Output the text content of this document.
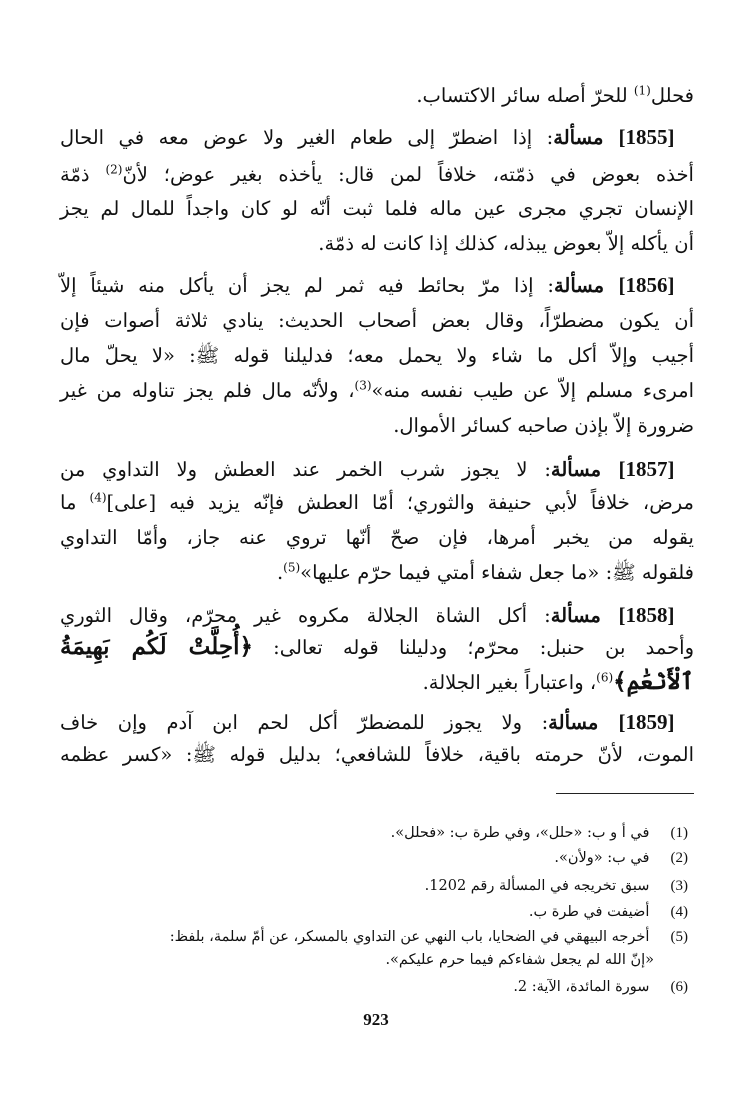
فحلل$^{(1)}$ للحرّ أصله سائر الاكتساب.
 [1855] مسألة: إذا اضطرّ إلى طعام الغير ولا عوض معه في الحال
أخذه بعوض في ذمّته، خلافاً لمن قال: يأخذه بغير عوض؛ لأنّ$^{(2)}$ ذمّة
الإنسان تجري مجرى عين ماله فلما ثبت أنّه لو كان واجداً للمال لم يجز
أن يأكله إلاّ بعوض يبذله، كذلك إذا كانت له ذمّة.
 [1856] مسألة: إذا مرّ بحائط فيه ثمر لم يجز أن يأكل منه شيئاً إلاّ
أن يكون مضطرّاً، وقال بعض أصحاب الحديث: ينادي ثلاثة أصوات فإن
أجيب وإلاّ أكل ما شاء ولا يحمل معه؛ فدليلنا قوله ﷺ: «لا يحلّ مال
امرىء مسلم إلاّ عن طيب نفسه منه»$^{(3)}$، ولأنّه مال فلم يجز تناوله من غير
ضرورة إلاّ بإذن صاحبه كسائر الأموال.
 [1857] مسألة: لا يجوز شرب الخمر عند العطش ولا التداوي من
مرض، خلافاً لأبي حنيفة والثوري؛ أمّا العطش فإنّه يزيد فيه [على]$^{(4)}$ ما
يقوله من يخبر أمرها، فإن صحّ أنّها تروي عنه جاز، وأمّا التداوي
فلقوله ﷺ: «ما جعل شفاء أمتي فيما حرّم عليها»$^{(5)}$.
 [1858] مسألة: أكل الشاة الجلالة مكروه غير محرّم، وقال الثوري
وأحمد بن حنبل: محرّم؛ ودليلنا قوله تعالى: ﴿أُحِلَّتْ لَكُم بَهِيمَةُ
ٱلْأَنْعَٰمِ﴾$^{(6)}$، واعتباراً بغير الجلالة.
 [1859] مسألة: ولا يجوز للمضطرّ أكل لحم ابن آدم وإن خاف
الموت، لأنّ حرمته باقية، خلافاً للشافعي؛ بدليل قوله ﷺ: «كسر عظمه
(1) في أ و ب: «حلل»، وفي طرة ب: «فحلل».
(2) في ب: «ولأن».
(3) سبق تخريجه في المسألة رقم 1202.
(4) أضيفت في طرة ب.
(5) أخرجه البيهقي في الضحايا، باب النهي عن التداوي بالمسكر، عن أمّ سلمة، بلفظ:
«إنّ الله لم يجعل شفاءكم فيما حرم عليكم».
(6) سورة المائدة، الآية: 2.
923
